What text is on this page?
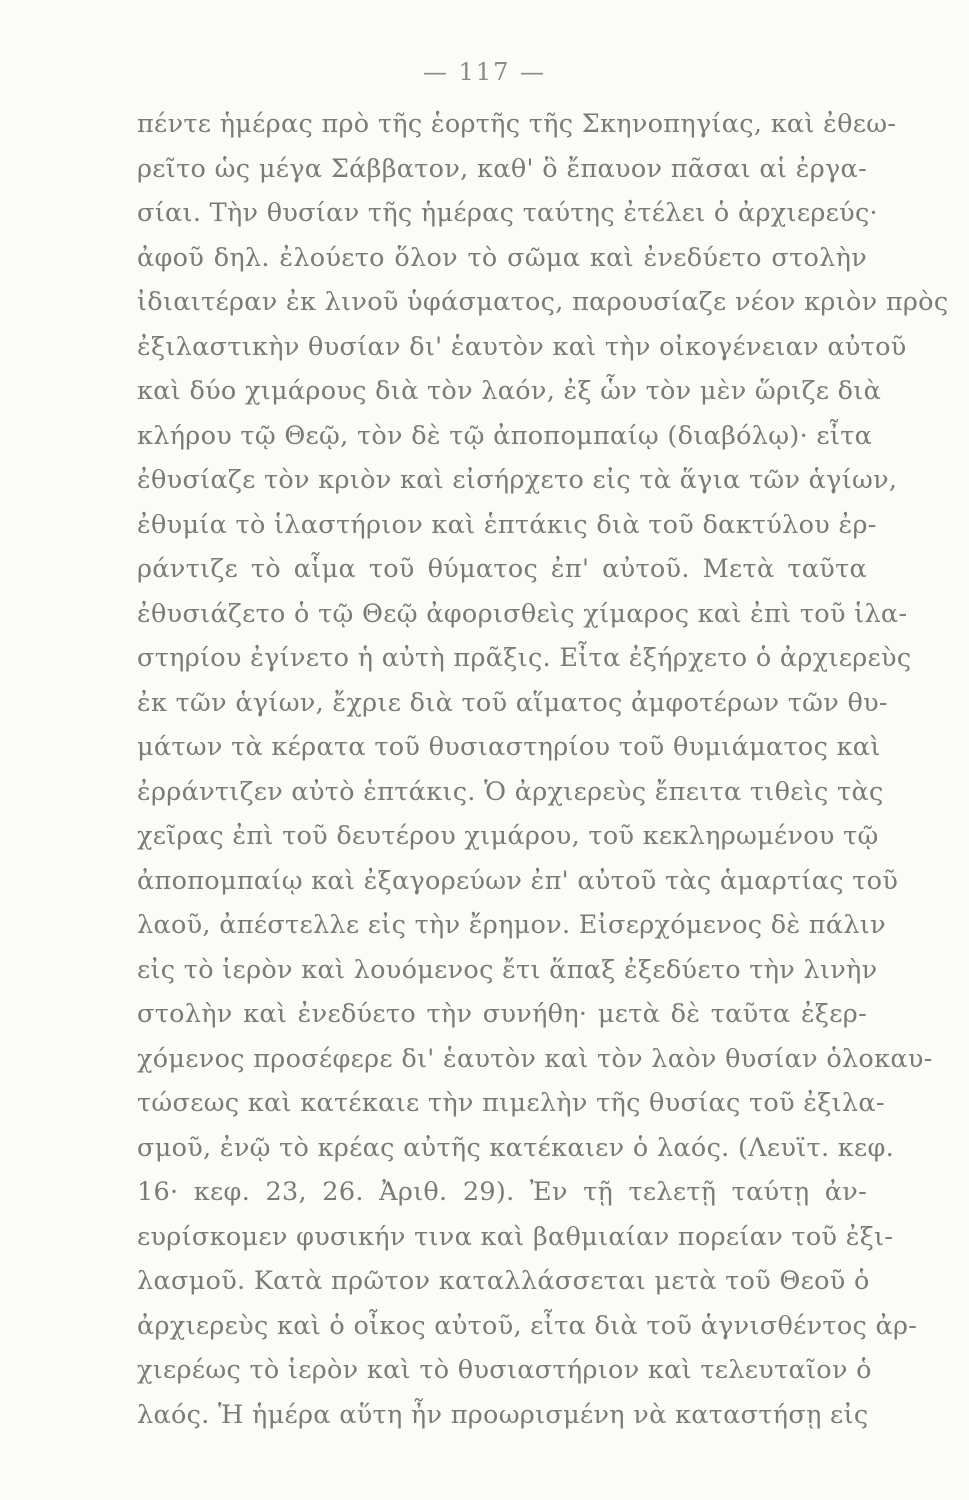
— 117 —
πέντε ἡμέρας πρὸ τῆς ἑορτῆς τῆς Σκηνοπηγίας, καὶ ἐθεω-
ρεῖτο ὡς μέγα Σάββατον, καθ' ὃ ἔπαυον πᾶσαι αἱ ἐργα-
σίαι. Τὴν θυσίαν τῆς ἡμέρας ταύτης ἐτέλει ὁ ἀρχιερεύς·
ἀφοῦ δηλ. ἐλούετο ὅλον τὸ σῶμα καὶ ἐνεδύετο στολὴν
ἰδιαιτέραν ἐκ λινοῦ ὑφάσματος, παρουσίαζε νέον κριὸν πρὸς
ἐξιλαστικὴν θυσίαν δι' ἑαυτὸν καὶ τὴν οἰκογένειαν αὐτοῦ
καὶ δύο χιμάρους διὰ τὸν λαόν, ἐξ ὧν τὸν μὲν ὥριζε διὰ
κλήρου τῷ Θεῷ, τὸν δὲ τῷ ἀποπομπαίῳ (διαβόλῳ)· εἶτα
ἐθυσίαζε τὸν κριὸν καὶ εἰσήρχετο εἰς τὰ ἅγια τῶν ἁγίων,
ἐθυμία τὸ ἱλαστήριον καὶ ἑπτάκις διὰ τοῦ δακτύλου ἐρ-
ράντιζε τὸ αἷμα τοῦ θύματος ἐπ' αὐτοῦ. Μετὰ ταῦτα
ἐθυσιάζετο ὁ τῷ Θεῷ ἀφορισθεὶς χίμαρος καὶ ἐπὶ τοῦ ἱλα-
στηρίου ἐγίνετο ἡ αὐτὴ πρᾶξις. Εἶτα ἐξήρχετο ὁ ἀρχιερεὺς
ἐκ τῶν ἁγίων, ἔχριε διὰ τοῦ αἵματος ἀμφοτέρων τῶν θυ-
μάτων τὰ κέρατα τοῦ θυσιαστηρίου τοῦ θυμιάματος καὶ
ἐρράντιζεν αὐτὸ ἑπτάκις. Ὁ ἀρχιερεὺς ἔπειτα τιθεὶς τὰς
χεῖρας ἐπὶ τοῦ δευτέρου χιμάρου, τοῦ κεκληρωμένου τῷ
ἀποπομπαίῳ καὶ ἐξαγορεύων ἐπ' αὐτοῦ τὰς ἁμαρτίας τοῦ
λαοῦ, ἀπέστελλε εἰς τὴν ἔρημον. Εἰσερχόμενος δὲ πάλιν
εἰς τὸ ἱερὸν καὶ λουόμενος ἔτι ἅπαξ ἐξεδύετο τὴν λινὴν
στολὴν καὶ ἐνεδύετο τὴν συνήθη· μετὰ δὲ ταῦτα ἐξερ-
χόμενος προσέφερε δι' ἑαυτὸν καὶ τὸν λαὸν θυσίαν ὁλοκαυ-
τώσεως καὶ κατέκαιε τὴν πιμελὴν τῆς θυσίας τοῦ ἐξιλα-
σμοῦ, ἐνῷ τὸ κρέας αὐτῆς κατέκαιεν ὁ λαός. (Λευϊτ. κεφ.
16· κεφ. 23, 26. Ἀριθ. 29). Ἐν τῇ τελετῇ ταύτῃ ἀν-
ευρίσκομεν φυσικήν τινα καὶ βαθμιαίαν πορείαν τοῦ ἐξι-
λασμοῦ. Κατὰ πρῶτον καταλλάσσεται μετὰ τοῦ Θεοῦ ὁ
ἀρχιερεὺς καὶ ὁ οἶκος αὐτοῦ, εἶτα διὰ τοῦ ἁγνισθέντος ἀρ-
χιερέως τὸ ἱερὸν καὶ τὸ θυσιαστήριον καὶ τελευταῖον ὁ
λαός. Ἡ ἡμέρα αὕτη ἦν προωρισμένη νὰ καταστήσῃ εἰς
